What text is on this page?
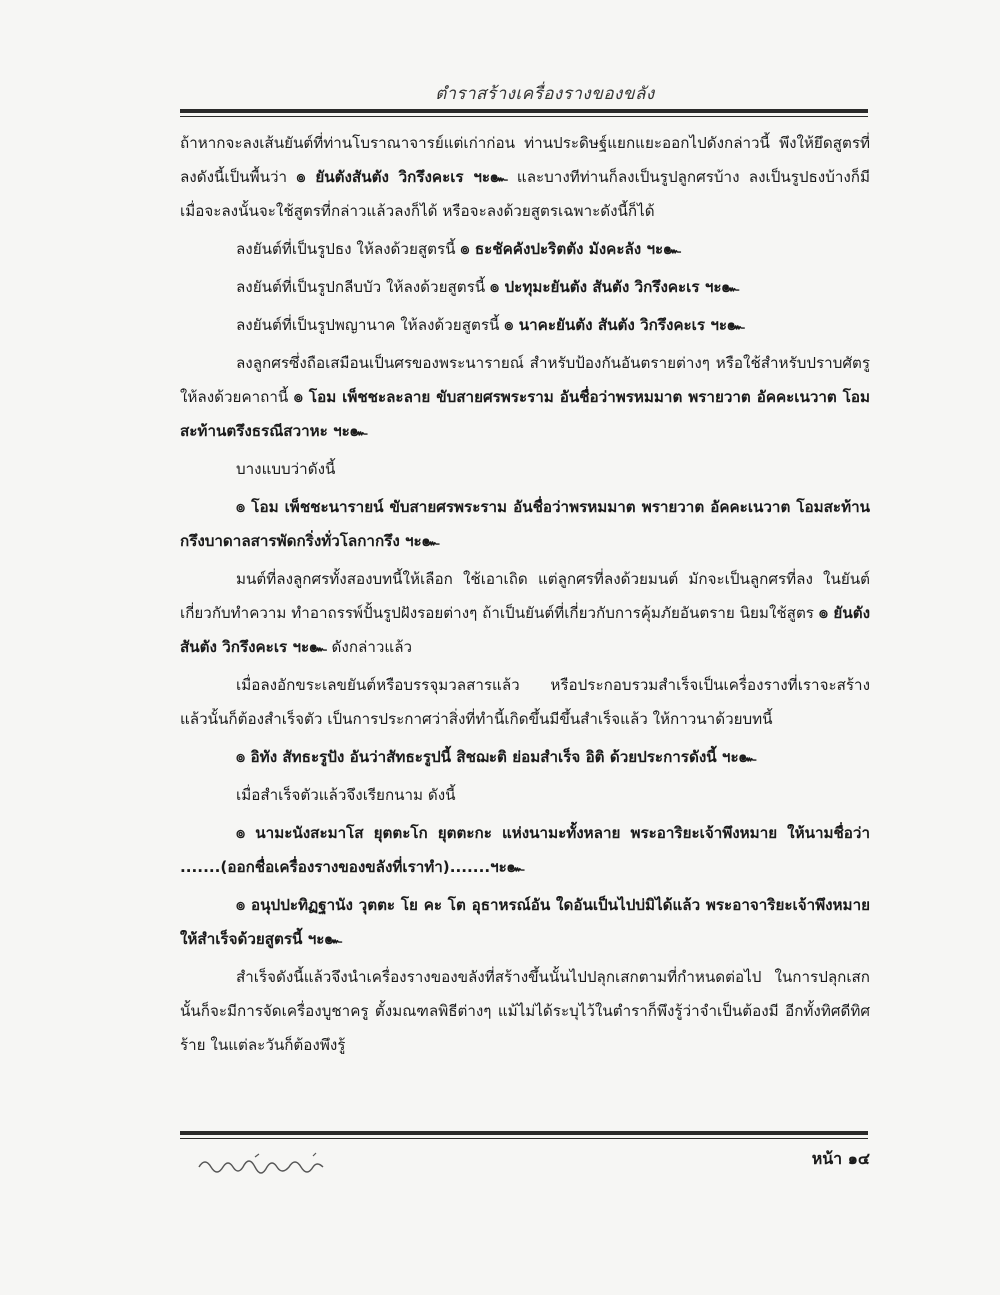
ตำราสร้างเครื่องรางของขลัง

ถ้าหากจะลงเส้นยันต์ที่ท่านโบราณาจารย์แต่เก่าก่อน ท่านประดิษฐ์แยกแยะออกไปดังกล่าวนี้ พึงให้ยึดสูตรที่ลงดังนี้เป็นพื้นว่า ๏ ยันตังสันตัง วิกรึงคะเร ฯะ๛ และบางทีท่านก็ลงเป็นรูปลูกศรบ้าง ลงเป็นรูปธงบ้างก็มี เมื่อจะลงนั้นจะใช้สูตรที่กล่าวแล้วลงก็ได้ หรือจะลงด้วยสูตรเฉพาะดังนี้ก็ได้

ลงยันต์ที่เป็นรูปธง ให้ลงด้วยสูตรนี้ ๏ ธะชัคคังปะริตตัง มังคะลัง ฯะ๛

ลงยันต์ที่เป็นรูปกลีบบัว ให้ลงด้วยสูตรนี้ ๏ ปะทุมะยันตัง สันตัง วิกรึงคะเร ฯะ๛

ลงยันต์ที่เป็นรูปพญานาค ให้ลงด้วยสูตรนี้ ๏ นาคะยันตัง สันตัง วิกรึงคะเร ฯะ๛

ลงลูกศรซึ่งถือเสมือนเป็นศรของพระนารายณ์ สำหรับป้องกันอันตรายต่างๆ หรือใช้สำหรับปราบศัตรู ให้ลงด้วยคาถานี้ ๏ โอม เพ็ชชะละลาย ขับสายศรพระราม อันชื่อว่าพรหมมาต พรายวาต อัคคะเนวาต โอมสะท้านตรึงธรณีสวาหะ ฯะ๛

บางแบบว่าดังนี้

๏ โอม เพ็ชชะนารายน์ ขับสายศรพระราม อันชื่อว่าพรหมมาต พรายวาต อัคคะเนวาต โอมสะท้านกรึงบาดาลสารพัดกริ่งทั่วโลกากรึง ฯะ๛

มนต์ที่ลงลูกศรทั้งสองบทนี้ให้เลือก ใช้เอาเถิด แต่ลูกศรที่ลงด้วยมนต์ มักจะเป็นลูกศรที่ลง ในยันต์เกี่ยวกับทำความ ทำอาถรรพ์ปั้นรูปฝังรอยต่างๆ ถ้าเป็นยันต์ที่เกี่ยวกับการคุ้มภัยอันตราย นิยมใช้สูตร ๏ ยันตังสันตัง วิกรึงคะเร ฯะ๛ ดังกล่าวแล้ว

เมื่อลงอักขระเลขยันต์หรือบรรจุมวลสารแล้ว หรือประกอบรวมสำเร็จเป็นเครื่องรางที่เราจะสร้างแล้วนั้นก็ต้องสำเร็จตัว เป็นการประกาศว่าสิ่งที่ทำนี้เกิดขึ้นมีขึ้นสำเร็จแล้ว ให้กาวนาด้วยบทนี้

๏ อิทัง สัทธะรูปัง อันว่าสัทธะรูปนี้ สิชฌะติ ย่อมสำเร็จ อิติ ด้วยประการดังนี้ ฯะ๛

เมื่อสำเร็จตัวแล้วจึงเรียกนาม ดังนี้

๏ นามะนังสะมาโส ยุตตะโก ยุตตะกะ แห่งนามะทั้งหลาย พระอาริยะเจ้าพึงหมาย ให้นามชื่อว่า .......(ออกชื่อเครื่องรางของขลังที่เราทำ).......ฯะ๛

๏ อนุปปะทิฏฐานัง วุตตะ โย คะ โต อุธาหรณ์อัน ใดอันเป็นไปบ่มิได้แล้ว พระอาจาริยะเจ้าพึงหมาย ให้สำเร็จด้วยสูตรนี้ ฯะ๛

สำเร็จดังนี้แล้วจึงนำเครื่องรางของขลังที่สร้างขึ้นนั้นไปปลุกเสกตามที่กำหนดต่อไป ในการปลุกเสกนั้นก็จะมีการจัดเครื่องบูชาครู ตั้งมณฑลพิธีต่างๆ แม้ไม่ได้ระบุไว้ในตำราก็พึงรู้ว่าจำเป็นต้องมี อีกทั้งทิศดีทิศร้าย ในแต่ละวันก็ต้องพึงรู้

หน้า ๑๔
